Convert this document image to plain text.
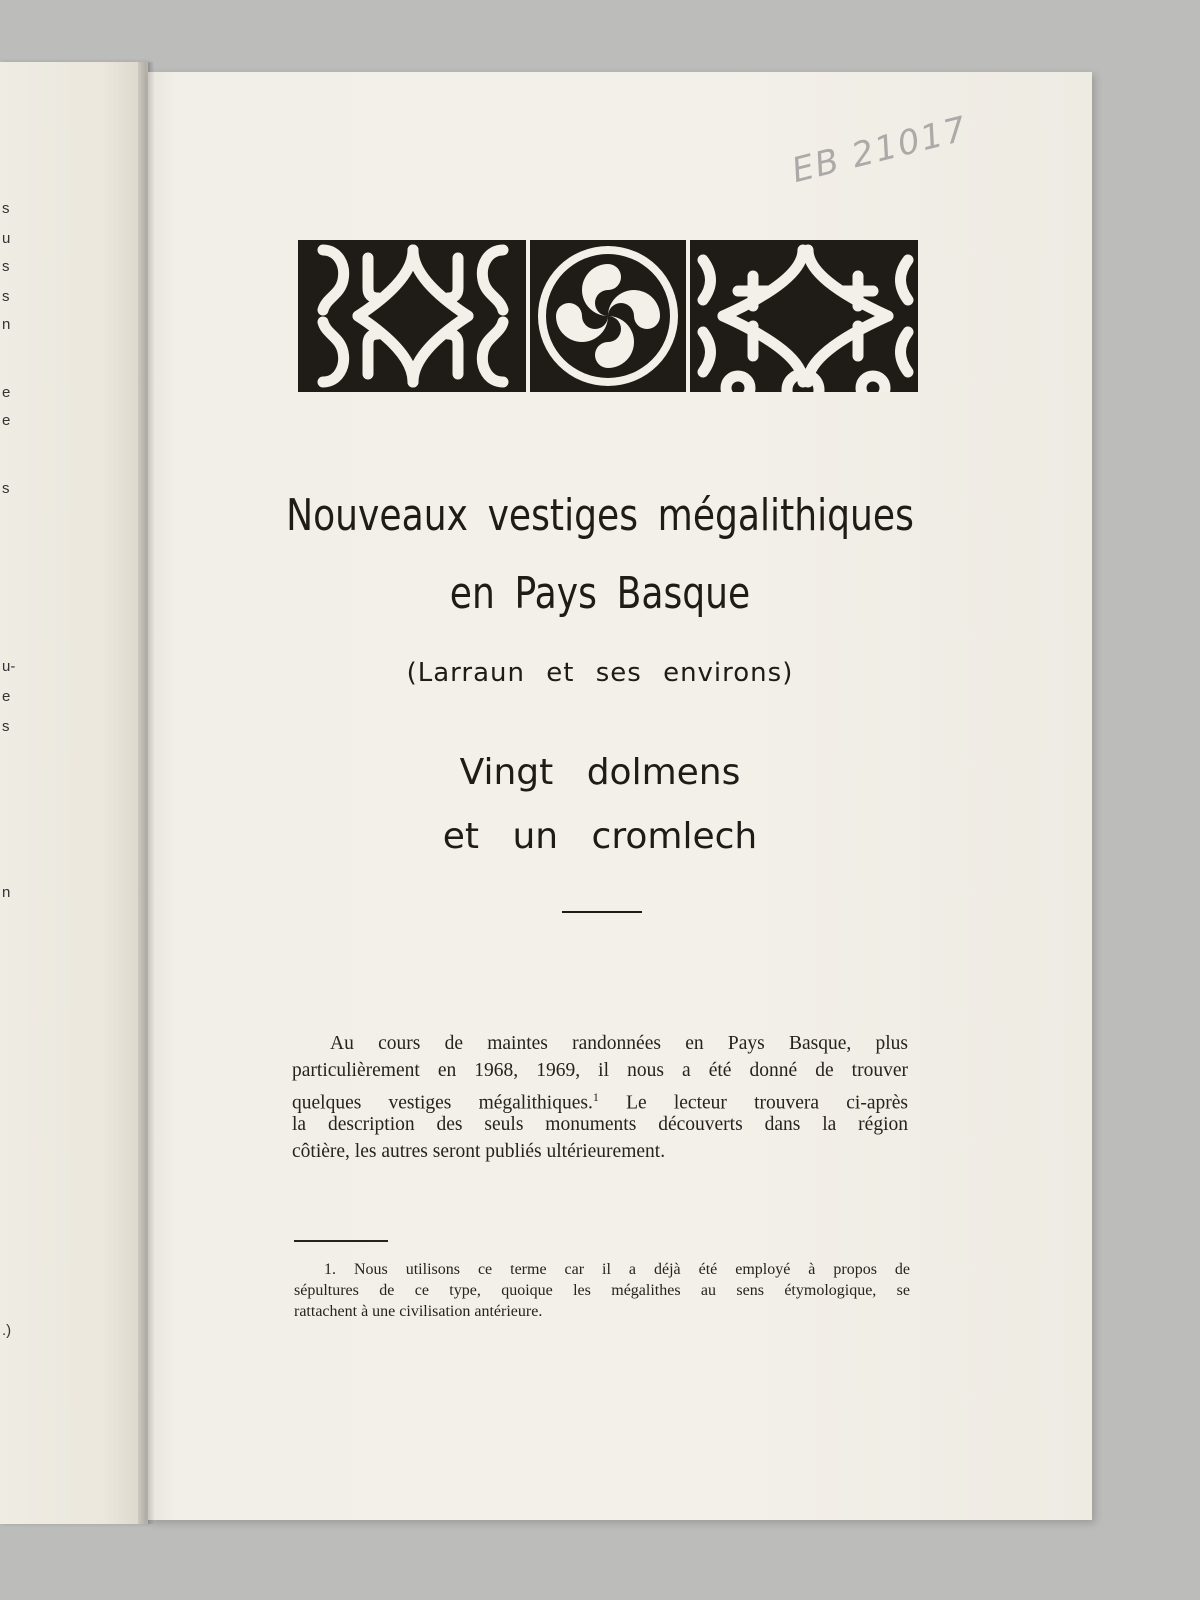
s
u
s
s
n
e
e
s
u-
e
s
n
.)
EB 21017
Nouveaux vestiges mégalithiques
en Pays Basque
(Larraun et ses environs)
Vingt dolmens
et un cromlech
Au cours de maintes randonnées en Pays Basque, plus
particulièrement en 1968, 1969, il nous a été donné de trouver
quelques vestiges mégalithiques.$^1$ Le lecteur trouvera ci-après
la description des seuls monuments découverts dans la région
côtière, les autres seront publiés ultérieurement.
1. Nous utilisons ce terme car il a déjà été employé à propos de
sépultures de ce type, quoique les mégalithes au sens étymologique, se
rattachent à une civilisation antérieure.
